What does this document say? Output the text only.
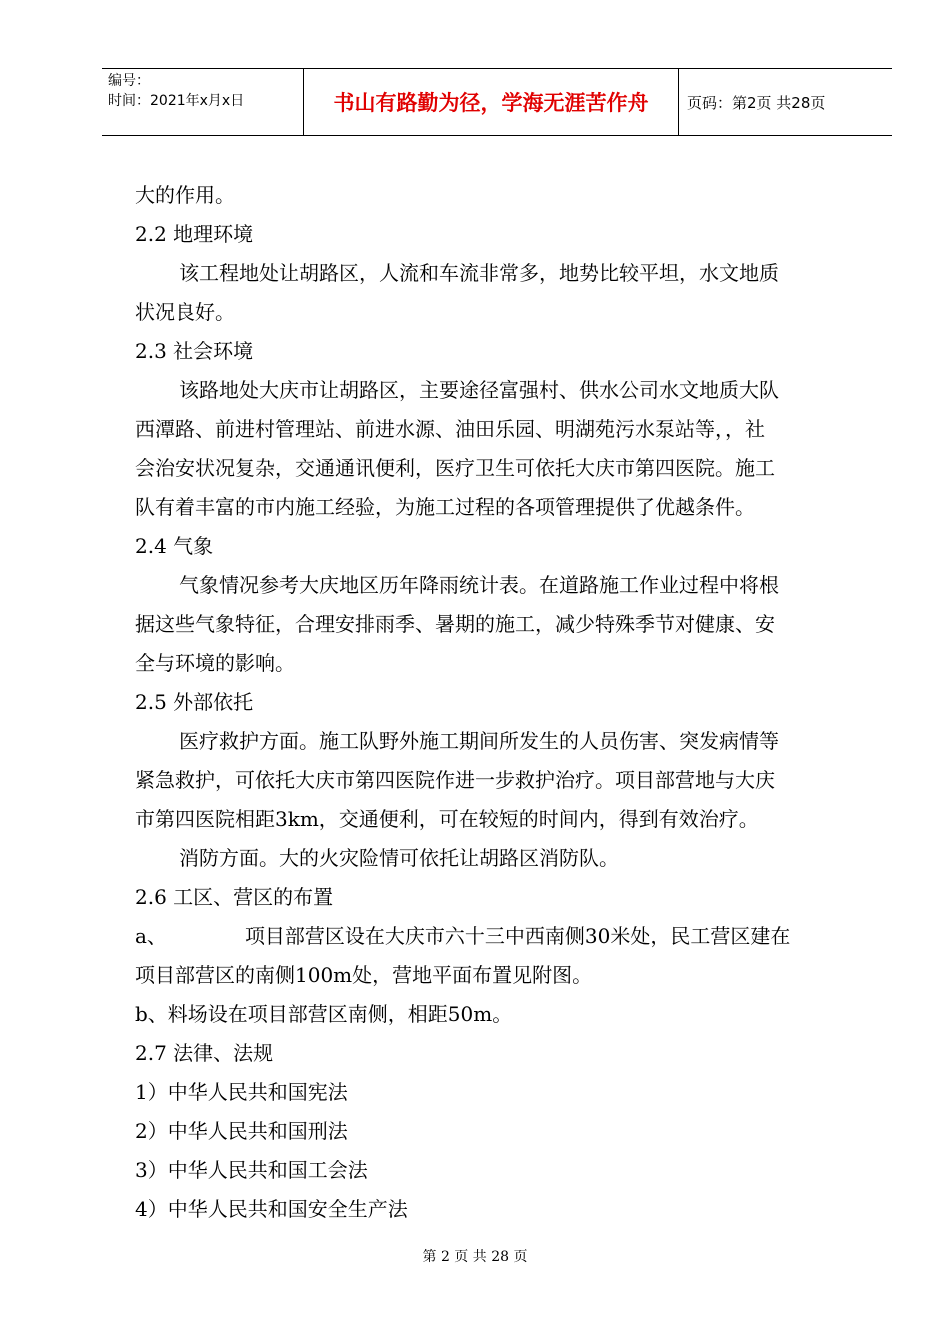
编号：
时间：2021年x月x日	书山有路勤为径，学海无涯苦作舟	页码：第2页 共28页
大的作用。
2.2 地理环境
该工程地处让胡路区，人流和车流非常多，地势比较平坦，水文地质
状况良好。
2.3 社会环境
该路地处大庆市让胡路区，主要途径富强村、供水公司水文地质大队
西潭路、前进村管理站、前进水源、油田乐园、明湖苑污水泵站等，，社
会治安状况复杂，交通通讯便利，医疗卫生可依托大庆市第四医院。施工
队有着丰富的市内施工经验，为施工过程的各项管理提供了优越条件。
2.4 气象
气象情况参考大庆地区历年降雨统计表。在道路施工作业过程中将根
据这些气象特征，合理安排雨季、暑期的施工，减少特殊季节对健康、安
全与环境的影响。
2.5 外部依托
医疗救护方面。施工队野外施工期间所发生的人员伤害、突发病情等
紧急救护，可依托大庆市第四医院作进一步救护治疗。项目部营地与大庆
市第四医院相距3km，交通便利，可在较短的时间内，得到有效治疗。
消防方面。大的火灾险情可依托让胡路区消防队。
2.6 工区、营区的布置
a、	项目部营区设在大庆市六十三中西南侧30米处，民工营区建在
项目部营区的南侧100m处，营地平面布置见附图。
b、料场设在项目部营区南侧，相距50m。
2.7 法律、法规
1）中华人民共和国宪法
2）中华人民共和国刑法
3）中华人民共和国工会法
4）中华人民共和国安全生产法
第 2 页 共 28 页
